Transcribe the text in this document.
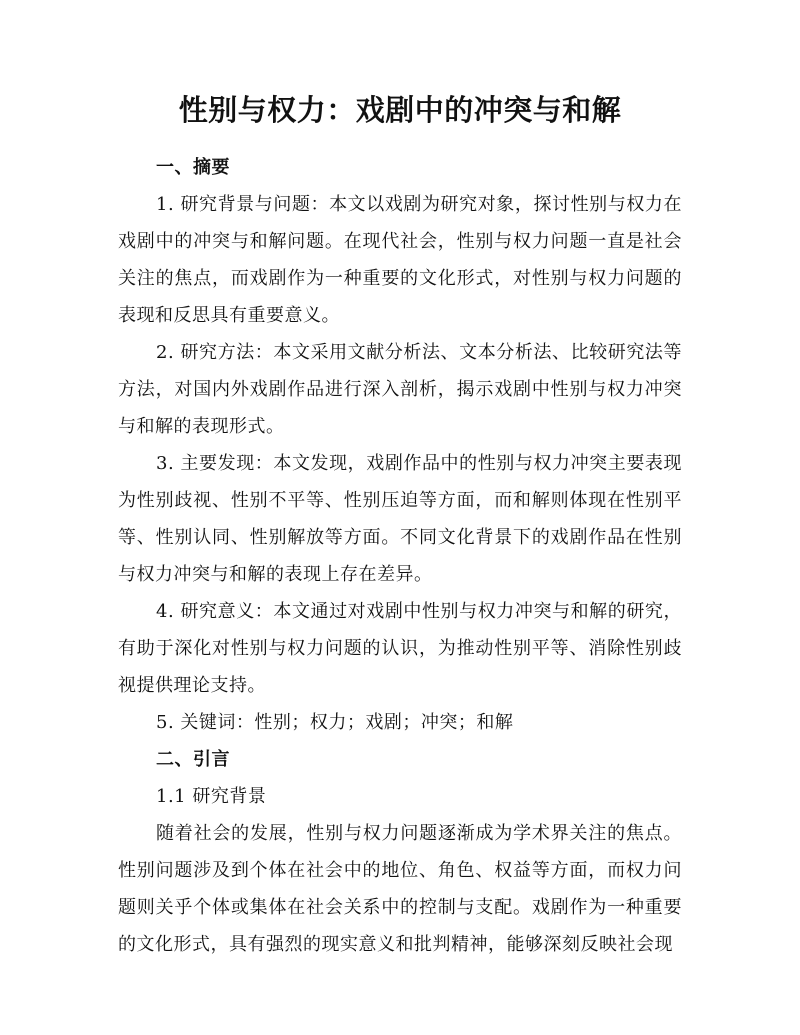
性别与权力：戏剧中的冲突与和解
一、摘要

1. 研究背景与问题：本文以戏剧为研究对象，探讨性别与权力在戏剧中的冲突与和解问题。在现代社会，性别与权力问题一直是社会关注的焦点，而戏剧作为一种重要的文化形式，对性别与权力问题的表现和反思具有重要意义。

2. 研究方法：本文采用文献分析法、文本分析法、比较研究法等方法，对国内外戏剧作品进行深入剖析，揭示戏剧中性别与权力冲突与和解的表现形式。

3. 主要发现：本文发现，戏剧作品中的性别与权力冲突主要表现为性别歧视、性别不平等、性别压迫等方面，而和解则体现在性别平等、性别认同、性别解放等方面。不同文化背景下的戏剧作品在性别与权力冲突与和解的表现上存在差异。

4. 研究意义：本文通过对戏剧中性别与权力冲突与和解的研究，有助于深化对性别与权力问题的认识，为推动性别平等、消除性别歧视提供理论支持。

5. 关键词：性别；权力；戏剧；冲突；和解

二、引言
1.1 研究背景

随着社会的发展，性别与权力问题逐渐成为学术界关注的焦点。性别问题涉及到个体在社会中的地位、角色、权益等方面，而权力问题则关乎个体或集体在社会关系中的控制与支配。戏剧作为一种重要的文化形式，具有强烈的现实意义和批判精神，能够深刻反映社会现
